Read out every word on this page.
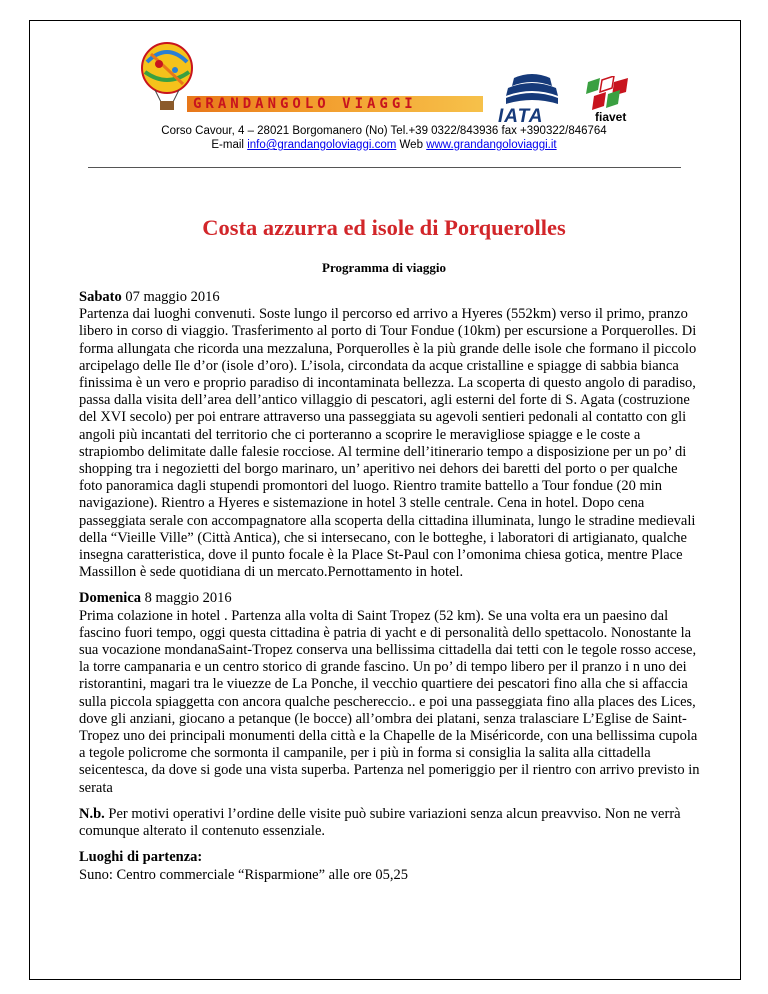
GRANDANGOLO VIAGGI
IATA	fiavet
Corso Cavour, 4 – 28021 Borgomanero (No) Tel.+39 0322/843936 fax +390322/846764
E-mail info@grandangoloviaggi.com Web www.grandangoloviaggi.it
Costa azzurra ed isole di Porquerolles
Programma di viaggio

Sabato 07 maggio 2016
Partenza dai luoghi convenuti. Soste lungo il percorso ed arrivo a Hyeres (552km) verso il primo, pranzo libero in corso di viaggio. Trasferimento al porto di Tour Fondue (10km) per escursione a Porquerolles. Di forma allungata che ricorda una mezzaluna, Porquerolles è la più grande delle isole che formano il piccolo arcipelago delle Ile d’or (isole d’oro). L’isola, circondata da acque cristalline e spiagge di sabbia bianca finissima è un vero e proprio paradiso di incontaminata bellezza. La scoperta di questo angolo di paradiso, passa dalla visita dell’area dell’antico villaggio di pescatori, agli esterni del forte di S. Agata (costruzione del XVI secolo) per poi entrare attraverso una passeggiata su agevoli sentieri pedonali al contatto con gli angoli più incantati del territorio che ci porteranno a scoprire le meravigliose spiagge e le coste a strapiombo delimitate dalle falesie rocciose. Al termine dell’itinerario tempo a disposizione per un po’ di shopping tra i negozietti del borgo marinaro, un’ aperitivo nei dehors dei baretti del porto o per qualche foto panoramica dagli stupendi promontori del luogo. Rientro tramite battello a Tour fondue (20 min navigazione). Rientro a Hyeres e sistemazione in hotel 3 stelle centrale. Cena in hotel. Dopo cena passeggiata serale con accompagnatore alla scoperta della cittadina illuminata, lungo le stradine medievali della “Vieille Ville” (Città Antica), che si intersecano, con le botteghe, i laboratori di artigianato, qualche insegna caratteristica, dove il punto focale è la Place St-Paul con l’omonima chiesa gotica, mentre Place Massillon è sede quotidiana di un mercato.Pernottamento in hotel.

Domenica 8 maggio 2016
Prima colazione in hotel . Partenza alla volta di Saint Tropez (52 km). Se una volta era un paesino dal fascino fuori tempo, oggi questa cittadina è patria di yacht e di personalità dello spettacolo. Nonostante la sua vocazione mondanaSaint-Tropez conserva una bellissima cittadella dai tetti con le tegole rosso accese, la torre campanaria e un centro storico di grande fascino. Un po’ di tempo libero per il pranzo i n uno dei ristorantini, magari tra le viuezze de La Ponche, il vecchio quartiere dei pescatori fino alla che si affaccia sulla piccola spiaggetta con ancora qualche peschereccio.. e poi una passeggiata fino alla places des Lices, dove gli anziani, giocano a petanque (le bocce) all’ombra dei platani, senza tralasciare L’Eglise de Saint-Tropez uno dei principali monumenti della città e la Chapelle de la Miséricorde, con una bellissima cupola a tegole policrome che sormonta il campanile, per i più in forma si consiglia la salita alla cittadella seicentesca, da dove si gode una vista superba. Partenza nel pomeriggio per il rientro con arrivo previsto in serata

N.b. Per motivi operativi l’ordine delle visite può subire variazioni senza alcun preavviso. Non ne verrà comunque alterato il contenuto essenziale.

Luoghi di partenza:
Suno: Centro commerciale “Risparmione” alle ore 05,25
